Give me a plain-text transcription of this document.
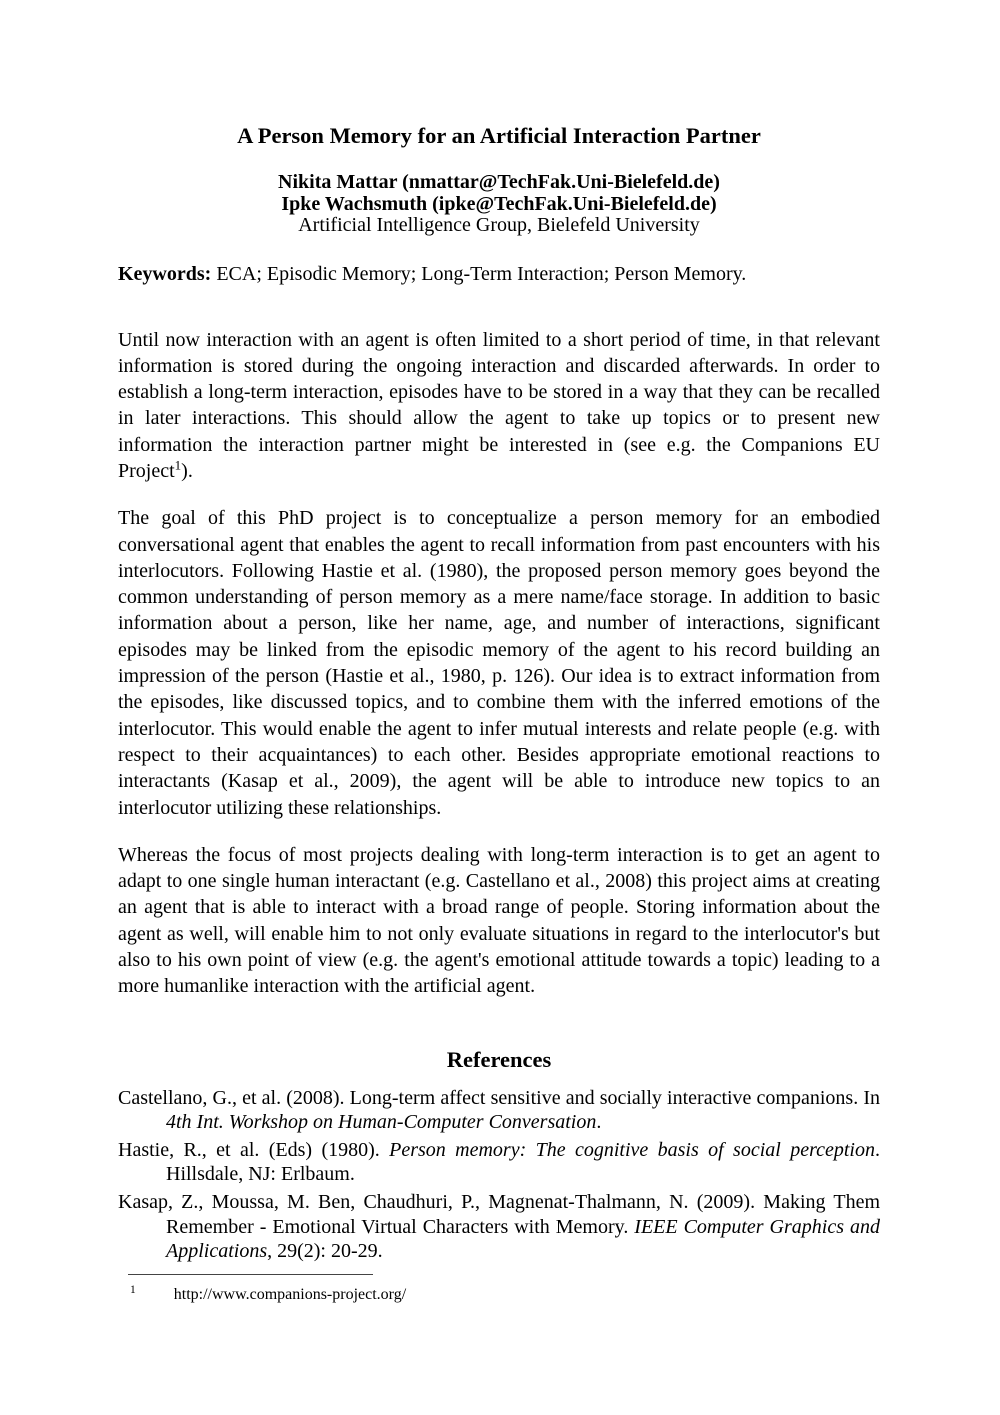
A Person Memory for an Artificial Interaction Partner
Nikita Mattar (nmattar@TechFak.Uni-Bielefeld.de)
Ipke Wachsmuth (ipke@TechFak.Uni-Bielefeld.de)
Artificial Intelligence Group, Bielefeld University
Keywords: ECA; Episodic Memory; Long-Term Interaction; Person Memory.

Until now interaction with an agent is often limited to a short period of time, in that relevant information is stored during the ongoing interaction and discarded afterwards. In order to establish a long-term interaction, episodes have to be stored in a way that they can be recalled in later interactions. This should allow the agent to take up topics or to present new information the interaction partner might be interested in (see e.g. the Companions EU Project$^1$).

The goal of this PhD project is to conceptualize a person memory for an embodied conversational agent that enables the agent to recall information from past encounters with his interlocutors. Following Hastie et al. (1980), the proposed person memory goes beyond the common understanding of person memory as a mere name/face storage. In addition to basic information about a person, like her name, age, and number of interactions, significant episodes may be linked from the episodic memory of the agent to his record building an impression of the person (Hastie et al., 1980, p. 126). Our idea is to extract information from the episodes, like discussed topics, and to combine them with the inferred emotions of the interlocutor. This would enable the agent to infer mutual interests and relate people (e.g. with respect to their acquaintances) to each other. Besides appropriate emotional reactions to interactants (Kasap et al., 2009), the agent will be able to introduce new topics to an interlocutor utilizing these relationships.

Whereas the focus of most projects dealing with long-term interaction is to get an agent to adapt to one single human interactant (e.g. Castellano et al., 2008) this project aims at creating an agent that is able to interact with a broad range of people. Storing information about the agent as well, will enable him to not only evaluate situations in regard to the interlocutor's but also to his own point of view (e.g. the agent's emotional attitude towards a topic) leading to a more humanlike interaction with the artificial agent.

References

Castellano, G., et al. (2008). Long-term affect sensitive and socially interactive companions. In 4th Int. Workshop on Human-Computer Conversation.

Hastie, R., et al. (Eds) (1980). Person memory: The cognitive basis of social perception. Hillsdale, NJ: Erlbaum.

Kasap, Z., Moussa, M. Ben, Chaudhuri, P., Magnenat-Thalmann, N. (2009). Making Them Remember - Emotional Virtual Characters with Memory. IEEE Computer Graphics and Applications, 29(2): 20-29.

$^1$ http://www.companions-project.org/
